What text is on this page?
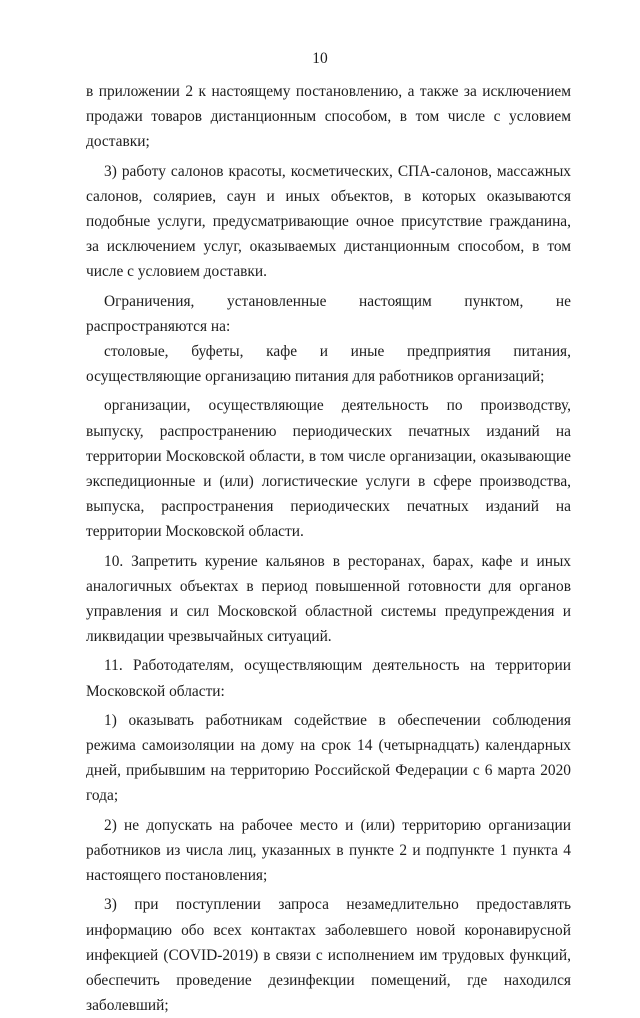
10

в приложении 2 к настоящему постановлению, а также за исключением продажи товаров дистанционным способом, в том числе с условием доставки;

3) работу салонов красоты, косметических, СПА-салонов, массажных салонов, соляриев, саун и иных объектов, в которых оказываются подобные услуги, предусматривающие очное присутствие гражданина, за исключением услуг, оказываемых дистанционным способом, в том числе с условием доставки.

Ограничения, установленные настоящим пунктом, не распространяются на:

столовые, буфеты, кафе и иные предприятия питания, осуществляющие организацию питания для работников организаций;

организации, осуществляющие деятельность по производству, выпуску, распространению периодических печатных изданий на территории Московской области, в том числе организации, оказывающие экспедиционные и (или) логистические услуги в сфере производства, выпуска, распространения периодических печатных изданий на территории Московской области.

10. Запретить курение кальянов в ресторанах, барах, кафе и иных аналогичных объектах в период повышенной готовности для органов управления и сил Московской областной системы предупреждения и ликвидации чрезвычайных ситуаций.

11. Работодателям, осуществляющим деятельность на территории Московской области:

1) оказывать работникам содействие в обеспечении соблюдения режима самоизоляции на дому на срок 14 (четырнадцать) календарных дней, прибывшим на территорию Российской Федерации с 6 марта 2020 года;

2) не допускать на рабочее место и (или) территорию организации работников из числа лиц, указанных в пункте 2 и подпункте 1 пункта 4 настоящего постановления;

3) при поступлении запроса незамедлительно предоставлять информацию обо всех контактах заболевшего новой коронавирусной инфекцией (COVID-2019) в связи с исполнением им трудовых функций, обеспечить проведение дезинфекции помещений, где находился заболевший;
